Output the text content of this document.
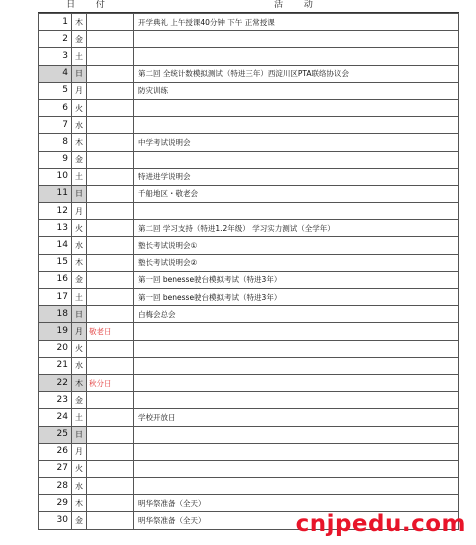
日 付	活 动
1	木		开学典礼 上午授课40分钟 下午 正常授课
2	金		
3	土		
4	日		第二回 全统计数模拟测试（特进三年）西淀川区PTA联络协议会
5	月		防灾训练
6	火		
7	水		
8	木		中学考试说明会
9	金		
10	土		特进进学说明会
11	日		千船地区・敬老会
12	月		
13	火		第二回 学习支持（特进1.2年级） 学习实力测试（全学年）
14	水		塾长考试说明会①
15	木		塾长考试说明会②
16	金		第一回 benesse驶台模拟考试（特进3年）
17	土		第一回 benesse驶台模拟考试（特进3年）
18	日		白梅会总会
19	月	敬老日	
20	火		
21	水		
22	木	秋分日	
23	金		
24	土		学校开放日
25	日		
26	月		
27	火		
28	水		
29	木		明华祭准备（全天）
30	金		明华祭准备（全天）	cnjpedu.com
